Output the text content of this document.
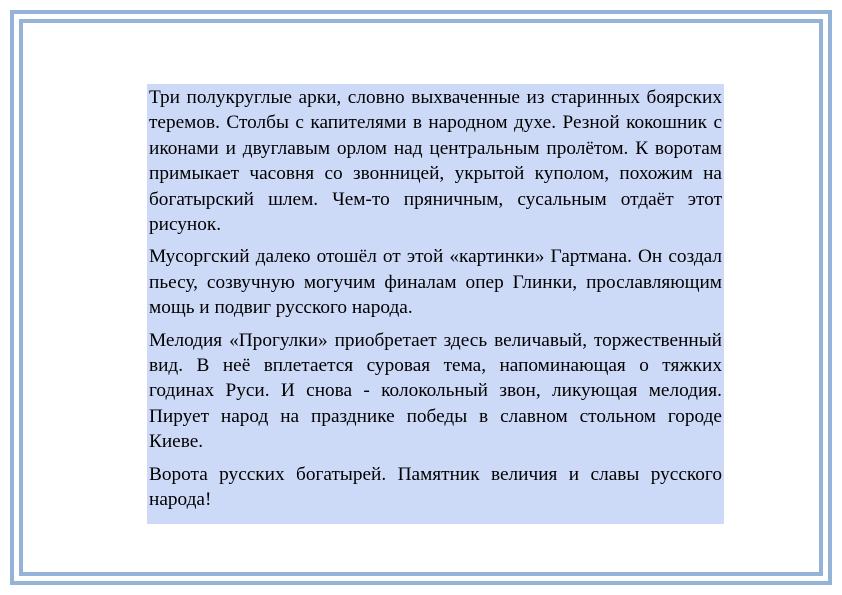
Три полукруглые арки, словно выхваченные из старинных боярских теремов. Столбы с капителями в народном духе. Резной кокошник с иконами и двуглавым орлом над центральным пролётом. К воротам примыкает часовня со звонницей, укрытой куполом, похожим на богатырский шлем. Чем-то пряничным, сусальным отдаёт этот рисунок.

Мусоргский далеко отошёл от этой «картинки» Гартмана. Он создал пьесу, созвучную могучим финалам опер Глинки, прославляющим мощь и подвиг русского народа.

Мелодия «Прогулки» приобретает здесь величавый, торжественный вид. В неё вплетается суровая тема, напоминающая о тяжких годинах Руси. И снова - колокольный звон, ликующая мелодия. Пирует народ на празднике победы в славном стольном городе Киеве.

Ворота русских богатырей. Памятник величия и славы русского народа!
